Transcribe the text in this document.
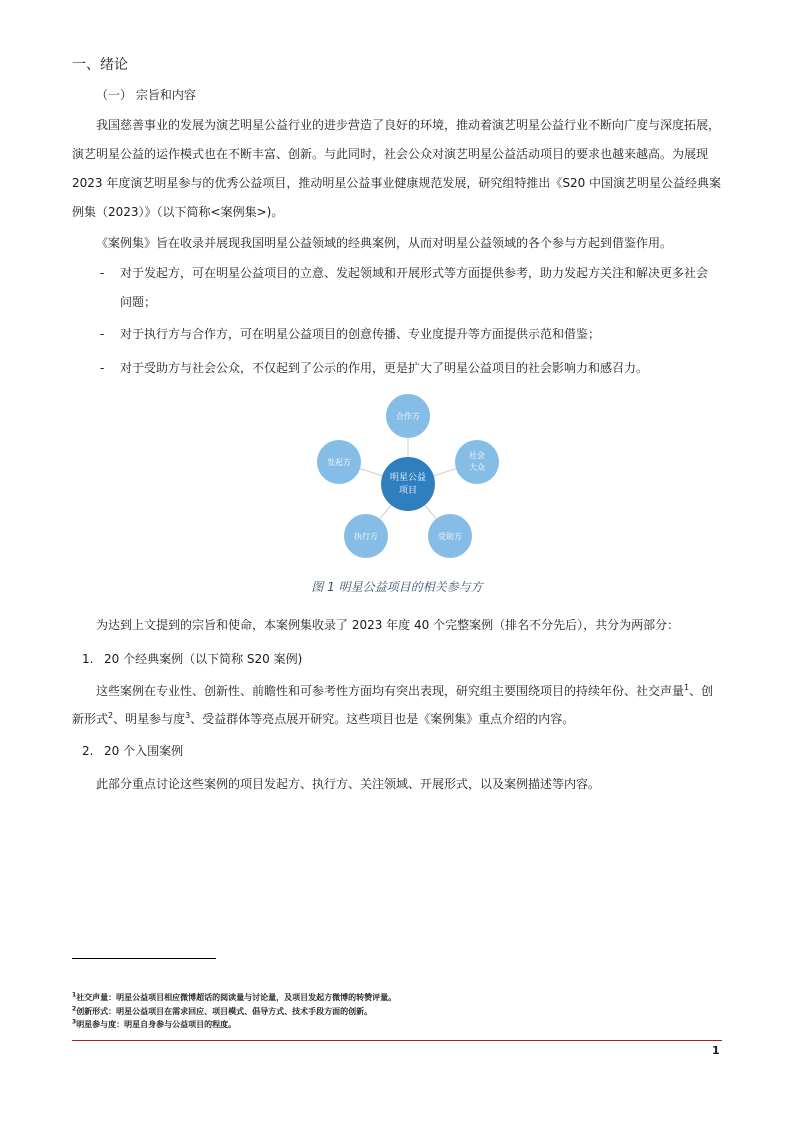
一、绪论
（一） 宗旨和内容
我国慈善事业的发展为演艺明星公益行业的进步营造了良好的环境，推动着演艺明星公益行业不断向广度与深度拓展，
演艺明星公益的运作模式也在不断丰富、创新。与此同时，社会公众对演艺明星公益活动项目的要求也越来越高。为展现
2023 年度演艺明星参与的优秀公益项目，推动明星公益事业健康规范发展，研究组特推出《S20 中国演艺明星公益经典案
例集（2023）》（以下简称<案例集>)。
《案例集》旨在收录并展现我国明星公益领域的经典案例，从而对明星公益领域的各个参与方起到借鉴作用。
- 对于发起方，可在明星公益项目的立意、发起领域和开展形式等方面提供参考，助力发起方关注和解决更多社会
问题；
- 对于执行方与合作方，可在明星公益项目的创意传播、专业度提升等方面提供示范和借鉴；
- 对于受助方与社会公众，不仅起到了公示的作用，更是扩大了明星公益项目的社会影响力和感召力。
合作方
社会
大众
受助方
执行方
发起方
明星公益
项目
图 1 明星公益项目的相关参与方
为达到上文提到的宗旨和使命，本案例集收录了 2023 年度 40 个完整案例（排名不分先后），共分为两部分：
1. 20 个经典案例（以下简称 S20 案例)
这些案例在专业性、创新性、前瞻性和可参考性方面均有突出表现，研究组主要围绕项目的持续年份、社交声量$^1$、创
新形式$^2$、明星参与度$^3$、受益群体等亮点展开研究。这些项目也是《案例集》重点介绍的内容。
2. 20 个入围案例
此部分重点讨论这些案例的项目发起方、执行方、关注领域、开展形式，以及案例描述等内容。
$^1$社交声量：明星公益项目相应微博超话的阅读量与讨论量，及项目发起方微博的转赞评量。
$^2$创新形式：明星公益项目在需求回应、项目模式、倡导方式、技术手段方面的创新。
$^3$明星参与度：明星自身参与公益项目的程度。
1
